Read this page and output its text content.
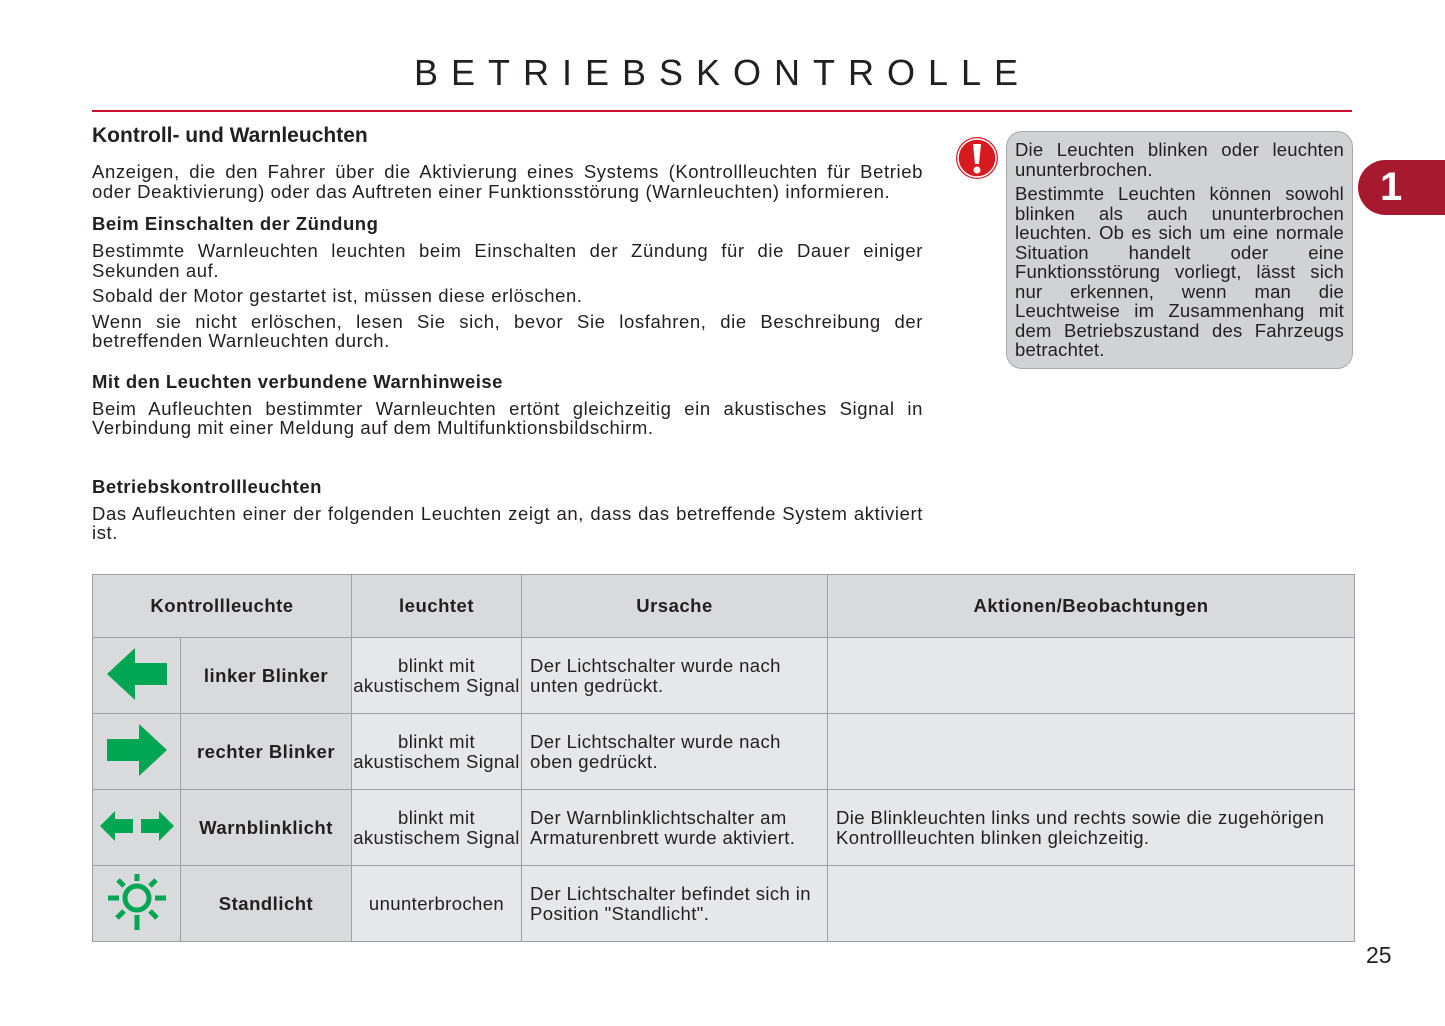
BETRIEBSKONTROLLE
1
Kontroll- und Warnleuchten

Anzeigen, die den Fahrer über die Aktivierung eines Systems (Kontrollleuchten für Betrieb oder Deaktivierung) oder das Auftreten einer Funktionsstörung (Warnleuchten) informieren.

Beim Einschalten der Zündung

Bestimmte Warnleuchten leuchten beim Einschalten der Zündung für die Dauer einiger Sekunden auf.

Sobald der Motor gestartet ist, müssen diese erlöschen.

Wenn sie nicht erlöschen, lesen Sie sich, bevor Sie losfahren, die Beschreibung der betreffenden Warnleuchten durch.

Mit den Leuchten verbundene Warnhinweise

Beim Aufleuchten bestimmter Warnleuchten ertönt gleichzeitig ein akustisches Signal in Verbindung mit einer Meldung auf dem Multifunktionsbildschirm.

Betriebskontrollleuchten

Das Aufleuchten einer der folgenden Leuchten zeigt an, dass das betreffende System aktiviert ist.

Die Leuchten blinken oder leuchten ununterbrochen.

Bestimmte Leuchten können sowohl blinken als auch ununterbrochen leuchten. Ob es sich um eine normale Situation handelt oder eine Funktionsstörung vorliegt, lässt sich nur erkennen, wenn man die Leuchtweise im Zusammenhang mit dem Betriebszustand des Fahrzeugs betrachtet.

Kontrollleuchte		leuchtet	Ursache	Aktionen/Beobachtungen
	linker Blinker	blinkt mit akustischem Signal	Der Lichtschalter wurde nach unten gedrückt.	
	rechter Blinker	blinkt mit akustischem Signal	Der Lichtschalter wurde nach oben gedrückt.	
	Warnblinklicht	blinkt mit akustischem Signal	Der Warnblinklichtschalter am Armaturenbrett wurde aktiviert.	Die Blinkleuchten links und rechts sowie die zugehörigen Kontrollleuchten blinken gleichzeitig.
	Standlicht	ununterbrochen	Der Lichtschalter befindet sich in Position "Standlicht".	
25
